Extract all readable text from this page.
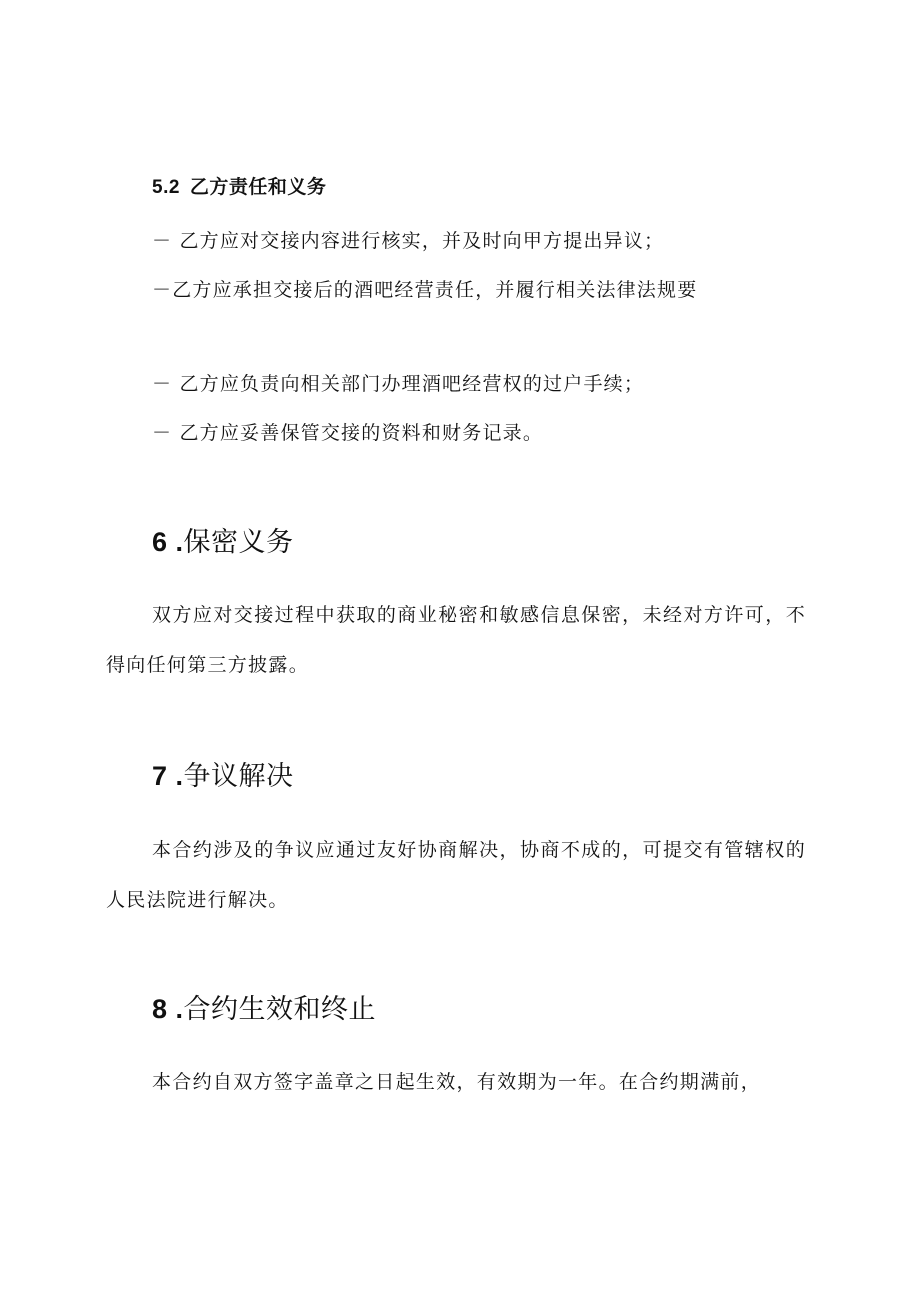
5.2 乙方责任和义务
－ 乙方应对交接内容进行核实，并及时向甲方提出异议；
－乙方应承担交接后的酒吧经营责任，并履行相关法律法规要
－ 乙方应负责向相关部门办理酒吧经营权的过户手续；
－ 乙方应妥善保管交接的资料和财务记录。
6 .保密义务
双方应对交接过程中获取的商业秘密和敏感信息保密，未经对方许可，不得向任何第三方披露。
7 .争议解决
本合约涉及的争议应通过友好协商解决，协商不成的，可提交有管辖权的人民法院进行解决。
8 .合约生效和终止
本合约自双方签字盖章之日起生效，有效期为一年。在合约期满前，
